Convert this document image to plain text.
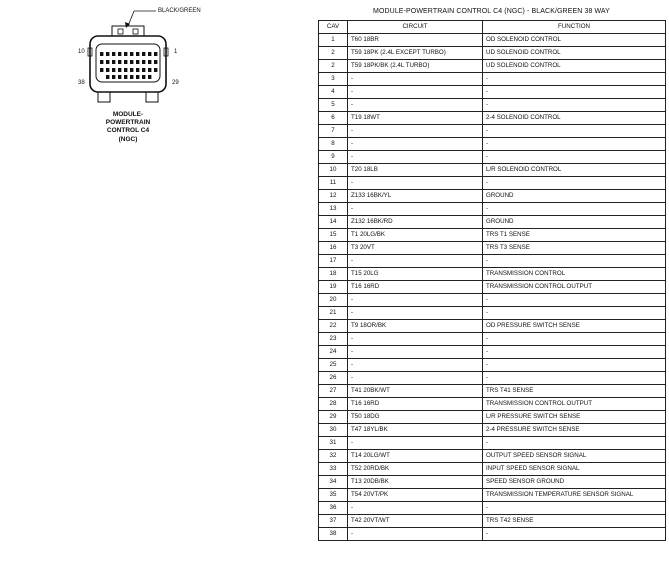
BLACK/GREEN
10	1
38	29
MODULE-
POWERTRAIN
CONTROL C4
(NGC)
MODULE-POWERTRAIN CONTROL C4 (NGC) - BLACK/GREEN 38 WAY
CAV	CIRCUIT	FUNCTION
1	T60 18BR	OD SOLENOID CONTROL
2	T59 18PK (2.4L EXCEPT TURBO)	UD SOLENOID CONTROL
2	T59 18PK/BK (2.4L TURBO)	UD SOLENOID CONTROL
3	-	-
4	-	-
5	-	-
6	T19 18WT	2-4 SOLENOID CONTROL
7	-	-
8	-	-
9	-	-
10	T20 18LB	L/R SOLENOID CONTROL
11	-	-
12	Z133 16BK/YL	GROUND
13	-	-
14	Z132 16BK/RD	GROUND
15	T1 20LG/BK	TRS T1 SENSE
16	T3 20VT	TRS T3 SENSE
17	-	-
18	T15 20LG	TRANSMISSION CONTROL
19	T16 16RD	TRANSMISSION CONTROL OUTPUT
20	-	-
21	-	-
22	T9 18OR/BK	OD PRESSURE SWITCH SENSE
23	-	-
24	-	-
25	-	-
26	-	-
27	T41 20BK/WT	TRS T41 SENSE
28	T16 16RD	TRANSMISSION CONTROL OUTPUT
29	T50 18DG	L/R PRESSURE SWITCH SENSE
30	T47 18YL/BK	2-4 PRESSURE SWITCH SENSE
31	-	-
32	T14 20LG/WT	OUTPUT SPEED SENSOR SIGNAL
33	T52 20RD/BK	INPUT SPEED SENSOR SIGNAL
34	T13 20DB/BK	SPEED SENSOR GROUND
35	T54 20VT/PK	TRANSMISSION TEMPERATURE SENSOR SIGNAL
36	-	-
37	T42 20VT/WT	TRS T42 SENSE
38	-	-
